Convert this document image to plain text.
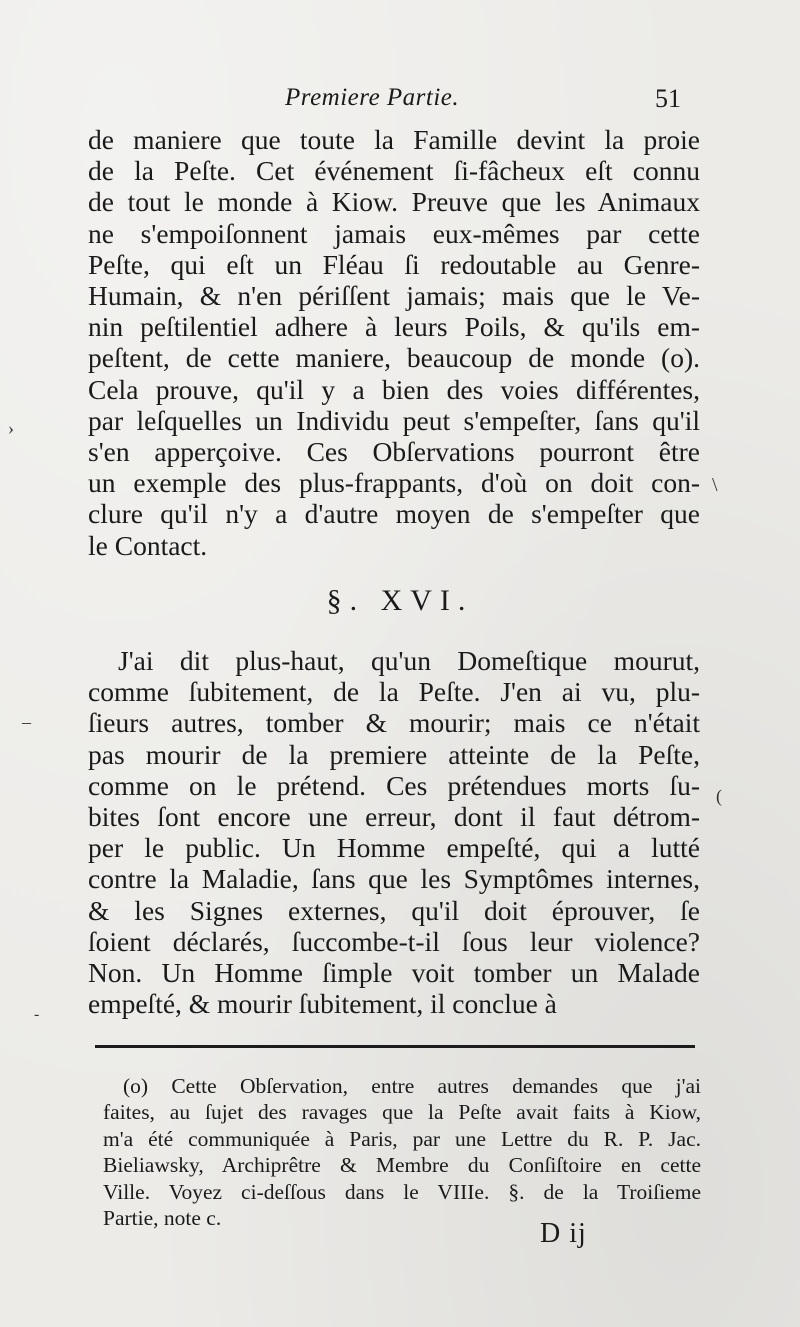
Premiere Partie.	51
de maniere que toute la Famille devint la proie
de la Peſte. Cet événement ſi-fâcheux eſt connu
de tout le monde à Kiow. Preuve que les Animaux
ne s'empoiſonnent jamais eux-mêmes par cette
Peſte, qui eſt un Fléau ſi redoutable au Genre-
Humain, & n'en périſſent jamais; mais que le Ve-
nin peſtilentiel adhere à leurs Poils, & qu'ils em-
peſtent, de cette maniere, beaucoup de monde (o).
Cela prouve, qu'il y a bien des voies différentes,
par leſquelles un Individu peut s'empeſter, ſans qu'il
s'en apperçoive. Ces Obſervations pourront être
un exemple des plus-frappants, d'où on doit con-
clure qu'il n'y a d'autre moyen de s'empeſter que
le Contact.
§. XVI.
J'ai dit plus-haut, qu'un Domeſtique mourut,
comme ſubitement, de la Peſte. J'en ai vu, plu-
ſieurs autres, tomber & mourir; mais ce n'était
pas mourir de la premiere atteinte de la Peſte,
comme on le prétend. Ces prétendues morts ſu-
bites ſont encore une erreur, dont il faut détrom-
per le public. Un Homme empeſté, qui a lutté
contre la Maladie, ſans que les Symptômes internes,
& les Signes externes, qu'il doit éprouver, ſe
ſoient déclarés, ſuccombe-t-il ſous leur violence?
Non. Un Homme ſimple voit tomber un Malade
empeſté, & mourir ſubitement, il conclue à
(o) Cette Obſervation, entre autres demandes que j'ai
faites, au ſujet des ravages que la Peſte avait faits à Kiow,
m'a été communiquée à Paris, par une Lettre du R. P. Jac.
Bieliawsky, Archiprêtre & Membre du Conſiſtoire en cette
Ville. Voyez ci-deſſous dans le VIIIe. §. de la Troiſieme
Partie, note c.	D ij
›
–
\
-
(
